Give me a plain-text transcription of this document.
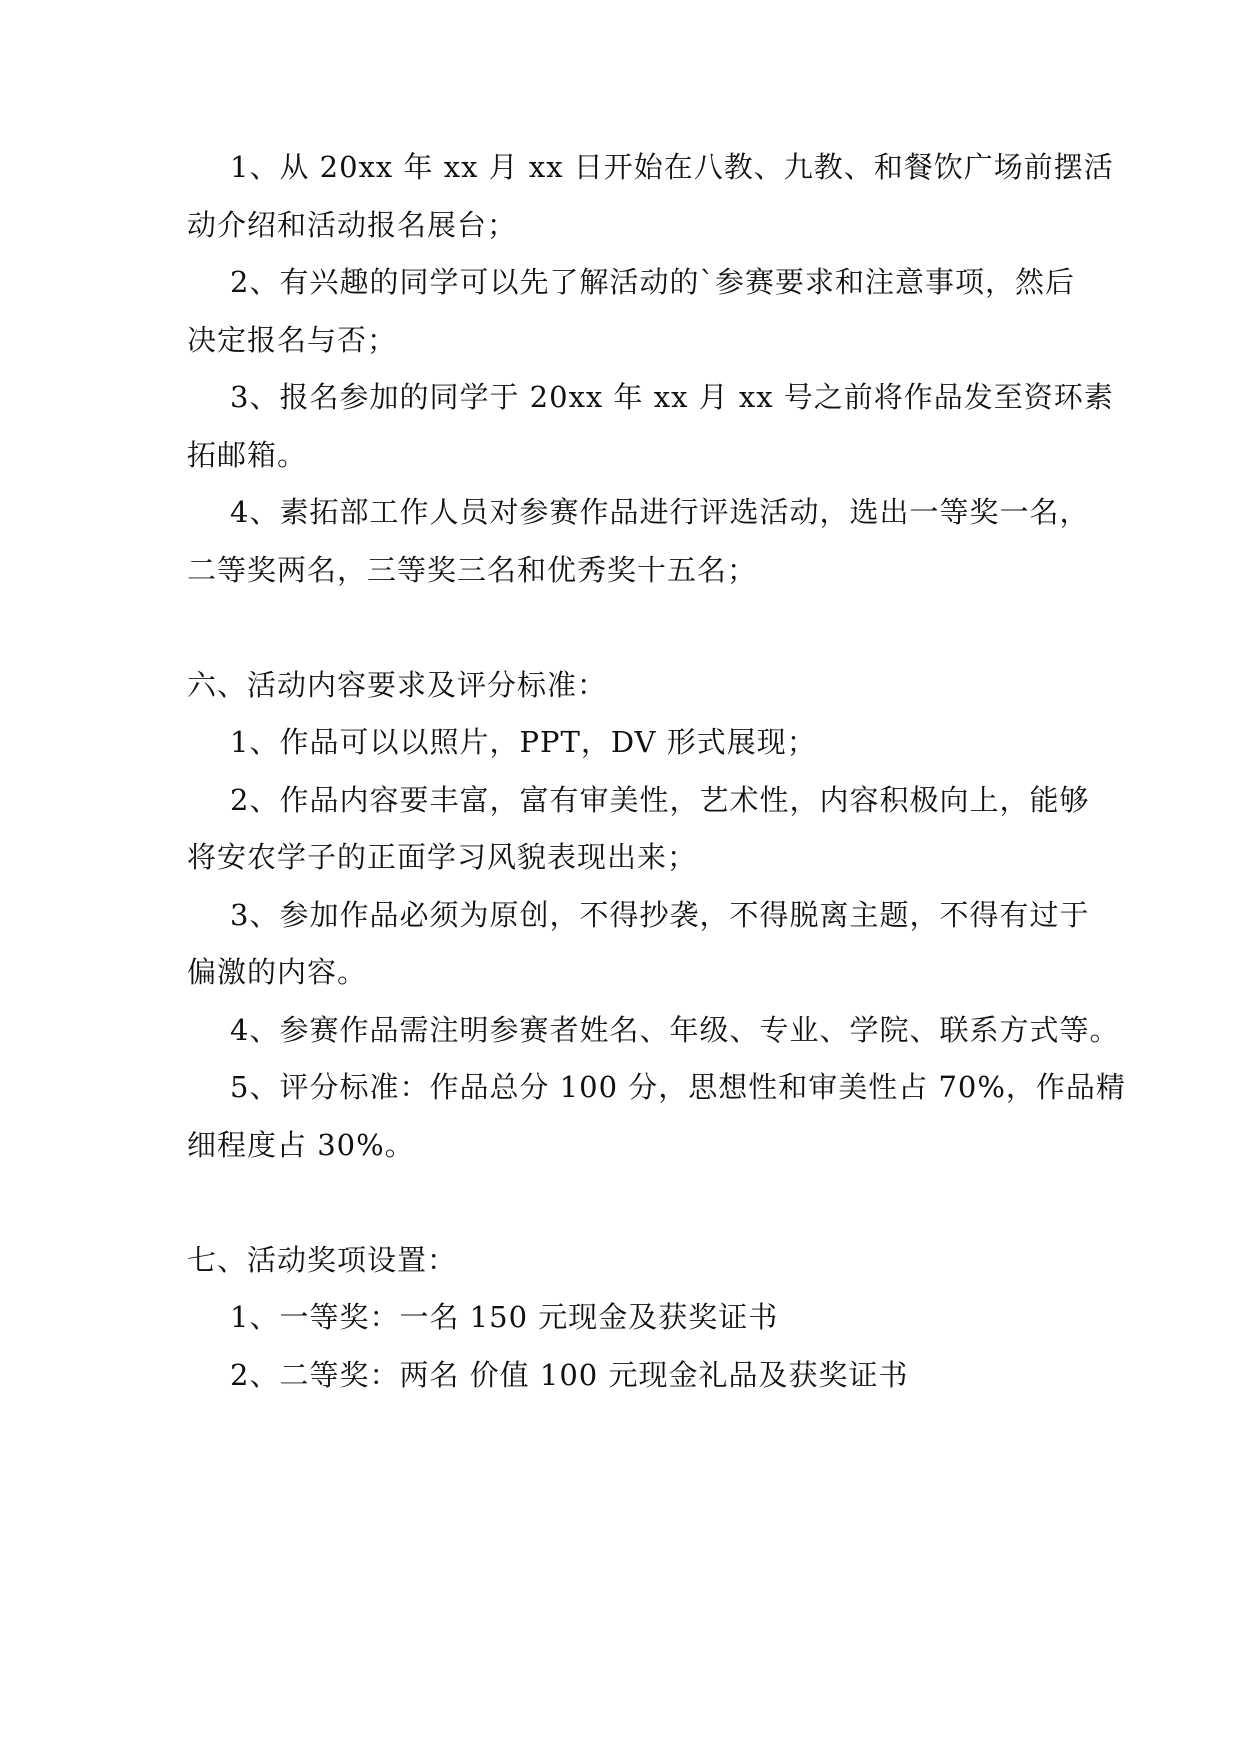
1、从 20xx 年 xx 月 xx 日开始在八教、九教、和餐饮广场前摆活
动介绍和活动报名展台；
2、有兴趣的同学可以先了解活动的`参赛要求和注意事项，然后
决定报名与否；
3、报名参加的同学于 20xx 年 xx 月 xx 号之前将作品发至资环素
拓邮箱。
4、素拓部工作人员对参赛作品进行评选活动，选出一等奖一名，
二等奖两名，三等奖三名和优秀奖十五名；
六、活动内容要求及评分标准：
1、作品可以以照片，PPT，DV 形式展现；
2、作品内容要丰富，富有审美性，艺术性，内容积极向上，能够
将安农学子的正面学习风貌表现出来；
3、参加作品必须为原创，不得抄袭，不得脱离主题，不得有过于
偏激的内容。
4、参赛作品需注明参赛者姓名、年级、专业、学院、联系方式等。
5、评分标准：作品总分 100 分，思想性和审美性占 70%，作品精
细程度占 30%。
七、活动奖项设置：
1、一等奖：一名 150 元现金及获奖证书
2、二等奖：两名 价值 100 元现金礼品及获奖证书
